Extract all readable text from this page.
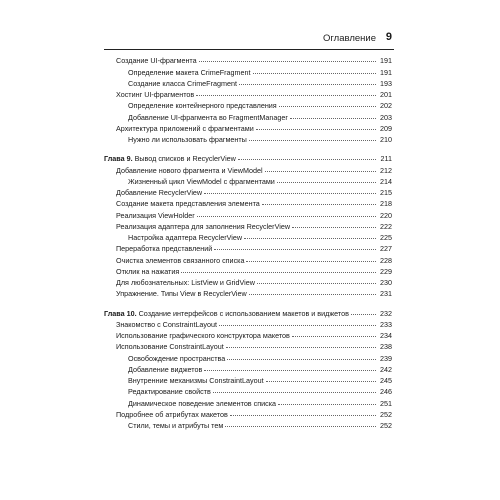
Оглавление 9
Создание UI-фрагмента	191
Определение макета CrimeFragment	191
Создание класса CrimeFragment	193
Хостинг UI-фрагментов	201
Определение контейнерного представления	202
Добавление UI-фрагмента во FragmentManager	203
Архитектура приложений с фрагментами	209
Нужно ли использовать фрагменты	210
Глава 9. Вывод списков и RecyclerView	211
Добавление нового фрагмента и ViewModel	212
Жизненный цикл ViewModel с фрагментами	214
Добавление RecyclerView	215
Создание макета представления элемента	218
Реализация ViewHolder	220
Реализация адаптера для заполнения RecyclerView	222
Настройка адаптера RecyclerView	225
Переработка представлений	227
Очистка элементов связанного списка	228
Отклик на нажатия	229
Для любознательных: ListView и GridView	230
Упражнение. Типы View в RecyclerView	231
Глава 10. Создание интерфейсов с использованием макетов и виджетов	232
Знакомство с ConstraintLayout	233
Использование графического конструктора макетов	234
Использование ConstraintLayout	238
Освобождение пространства	239
Добавление виджетов	242
Внутренние механизмы ConstraintLayout	245
Редактирование свойств	246
Динамическое поведение элементов списка	251
Подробнее об атрибутах макетов	252
Стили, темы и атрибуты тем	252
